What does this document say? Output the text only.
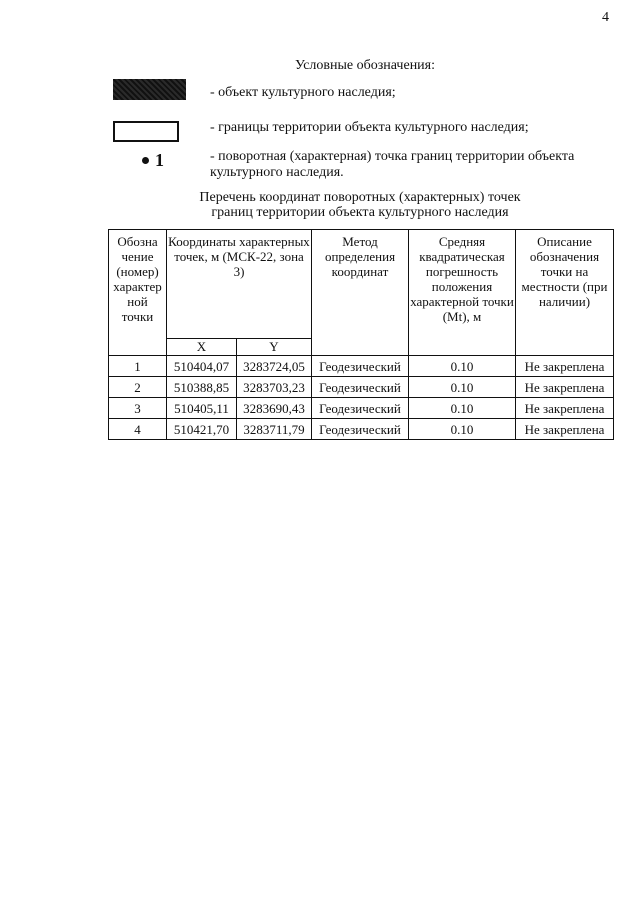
4
Условные обозначения:
- объект культурного наследия;
- границы территории объекта культурного наследия;
1	- поворотная (характерная) точка границ территории объекта культурного наследия.
Перечень координат поворотных (характерных) точек
границ территории объекта культурного наследия
Обозна чение (номер) характер ной точки	Координаты характерных точек, м (МСК-22, зона 3)		Метод определения координат	Средняя квадратическая погрешность положения характерной точки (Mt), м	Описание обозначения точки на местности (при наличии)
	X	Y			
1	510404,07	3283724,05	Геодезический	0.10	Не закреплена
2	510388,85	3283703,23	Геодезический	0.10	Не закреплена
3	510405,11	3283690,43	Геодезический	0.10	Не закреплена
4	510421,70	3283711,79	Геодезический	0.10	Не закреплена
